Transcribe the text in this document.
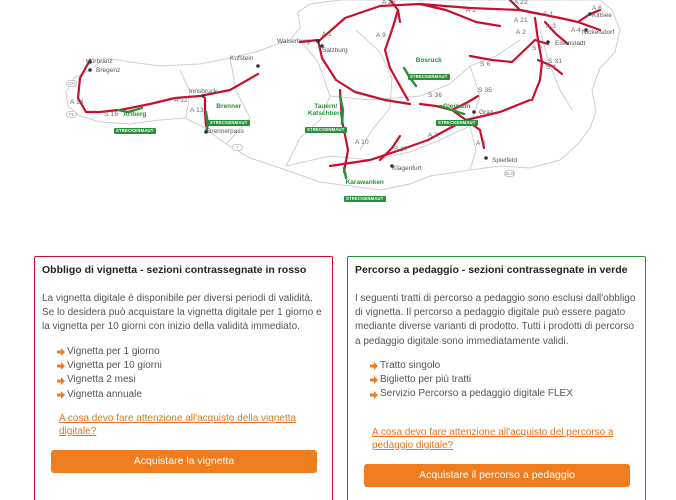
A 25
A 1
A 21
S 1
A 6
A 22
A 4
A 3
A 2
S 2
S 4
S 31
A 1	A 9
S 6
S 36
S 35
A 14
S 16
A 12
A 13
A 10
S 37
A 2
A 9
Kittsee
Nickelsdorf
Eisenstadt
Walserberg
Salzburg
Hörbranz
Bregenz
Kufstein
Innsbruck
Brennerpass
Graz
Spielfeld
Klagenfurt
CH
FL
I
SLO
Arlberg
STRECKENMAUT
Brenner
STRECKENMAUT
Tauern/
Katschberg
STRECKENMAUT
Bosruck
STRECKENMAUT
Gleinalm
STRECKENMAUT
Karawanken
STRECKENMAUT
Obbligo di vignetta - sezioni contrassegnate in rosso
La vignetta digitale è disponibile per diversi periodi di validità. Se lo desidera può acquistare la vignetta digitale per 1 giorno e la vignetta per 10 giorni con inizio della validità immediato.
Vignetta per 1 giorno
Vignetta per 10 giorni
Vignetta 2 mesi
Vignetta annuale
A cosa devo fare attenzione all'acquisto della vignetta digitale?
Acquistare la vignetta
Percorso a pedaggio - sezioni contrassegnate in verde
I seguenti tratti di percorso a pedaggio sono esclusi dall'obbligo di vignetta. Il percorso a pedaggio digitale può essere pagato mediante diverse varianti di prodotto. Tutti i prodotti di percorso a pedaggio digitale sono immediatamente validi.
Tratto singolo
Biglietto per più tratti
Servizio Percorso a pedaggio digitale FLEX
A cosa devo fare attenzione all'acquisto del percorso a pedaggio digitale?
Acquistare il percorso a pedaggio
